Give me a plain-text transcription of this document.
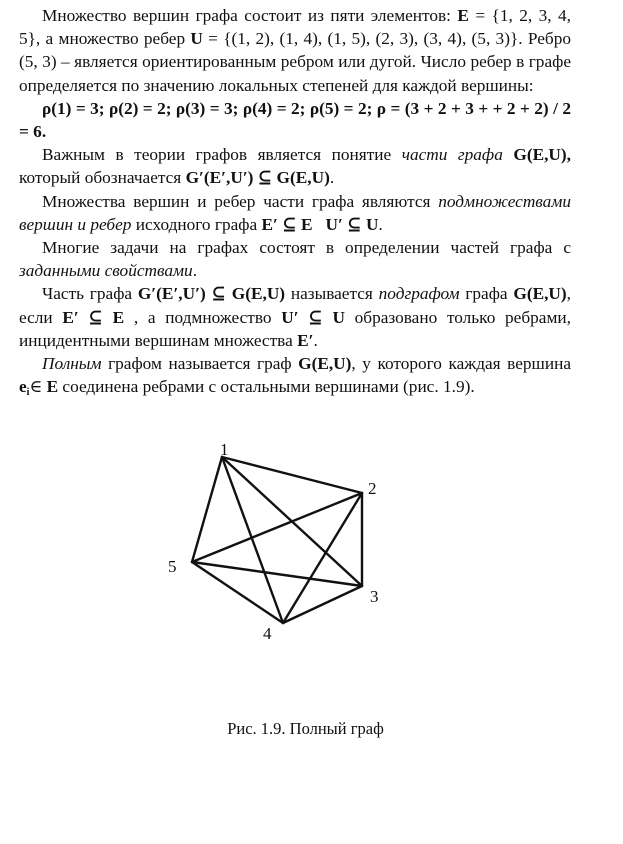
Множество вершин графа состоит из пяти элементов: E = {1, 2, 3, 4, 5}, а множество ребер U = {(1, 2), (1, 4), (1, 5), (2, 3), (3, 4), (5, 3)}. Ребро (5, 3) – является ориентированным ребром или дугой. Число ребер в графе определяется по значению локальных степеней для каждой вершины:

ρ(1) = 3; ρ(2) = 2; ρ(3) = 3; ρ(4) = 2; ρ(5) = 2; ρ = (3 + 2 + 3 + + 2 + 2) / 2 = 6.

Важным в теории графов является понятие части графа G(E,U), который обозначается G′(E′,U′) ⊆ G(E,U).

Множества вершин и ребер части графа являются подмножествами вершин и ребер исходного графа E′ ⊆ E   U′ ⊆ U.

Многие задачи на графах состоят в определении частей графа с заданными свойствами.

Часть графа G′(E′,U′) ⊆ G(E,U) называется подграфом графа G(E,U), если E′ ⊆ E , а подмножество U′ ⊆ U образовано только ребрами, инцидентными вершинам множества E′.

Полным графом называется граф G(E,U), у которого каждая вершина $e_i\in$ E соединена ребрами с остальными вершинами (рис. 1.9).

1
2
3
4
5
Рис. 1.9. Полный граф
